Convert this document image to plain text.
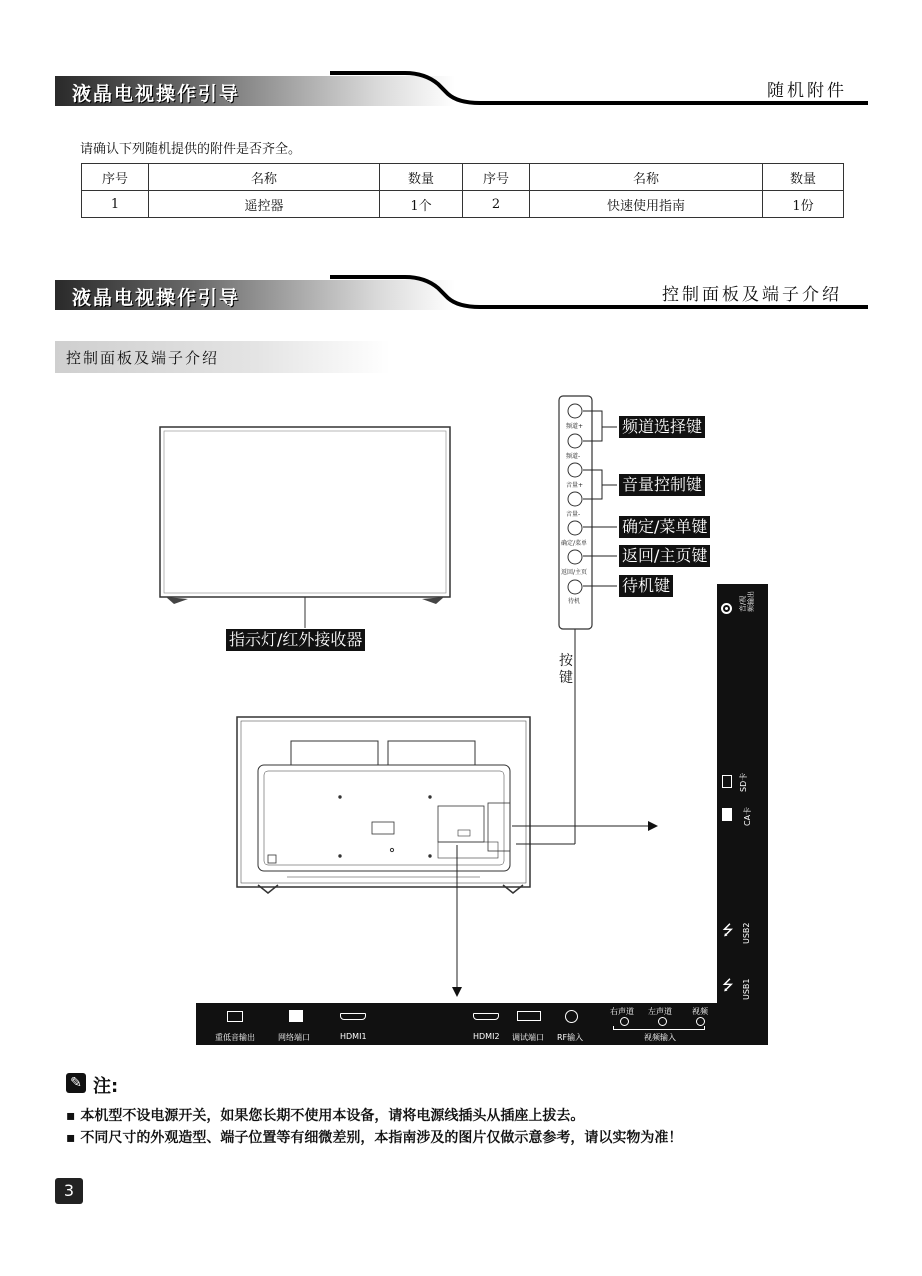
液晶电视操作引导	随机附件
请确认下列随机提供的附件是否齐全。
序号	名称	数量	序号	名称	数量
1	遥控器	1个	2	快速使用指南	1份
液晶电视操作引导	控制面板及端子介绍
控制面板及端子介绍
频道+
频道-
音量+
音量-
确定/菜单
返回/主页
待机
频道选择键
音量控制键
确定/菜单键
返回/主页键
待机键
指示灯/红外接收器
按键
音/视频输出
SD卡
CA卡
⭍ USB2
⭍ USB1
重低音输出	网络端口	HDMI1	HDMI2 调试端口 RF输入
右声道 左声道	视频
视频输入
✎ 注:
▪ 本机型不设电源开关，如果您长期不使用本设备，请将电源线插头从插座上拔去。
▪ 不同尺寸的外观造型、端子位置等有细微差别，本指南涉及的图片仅做示意参考，请以实物为准！
3
